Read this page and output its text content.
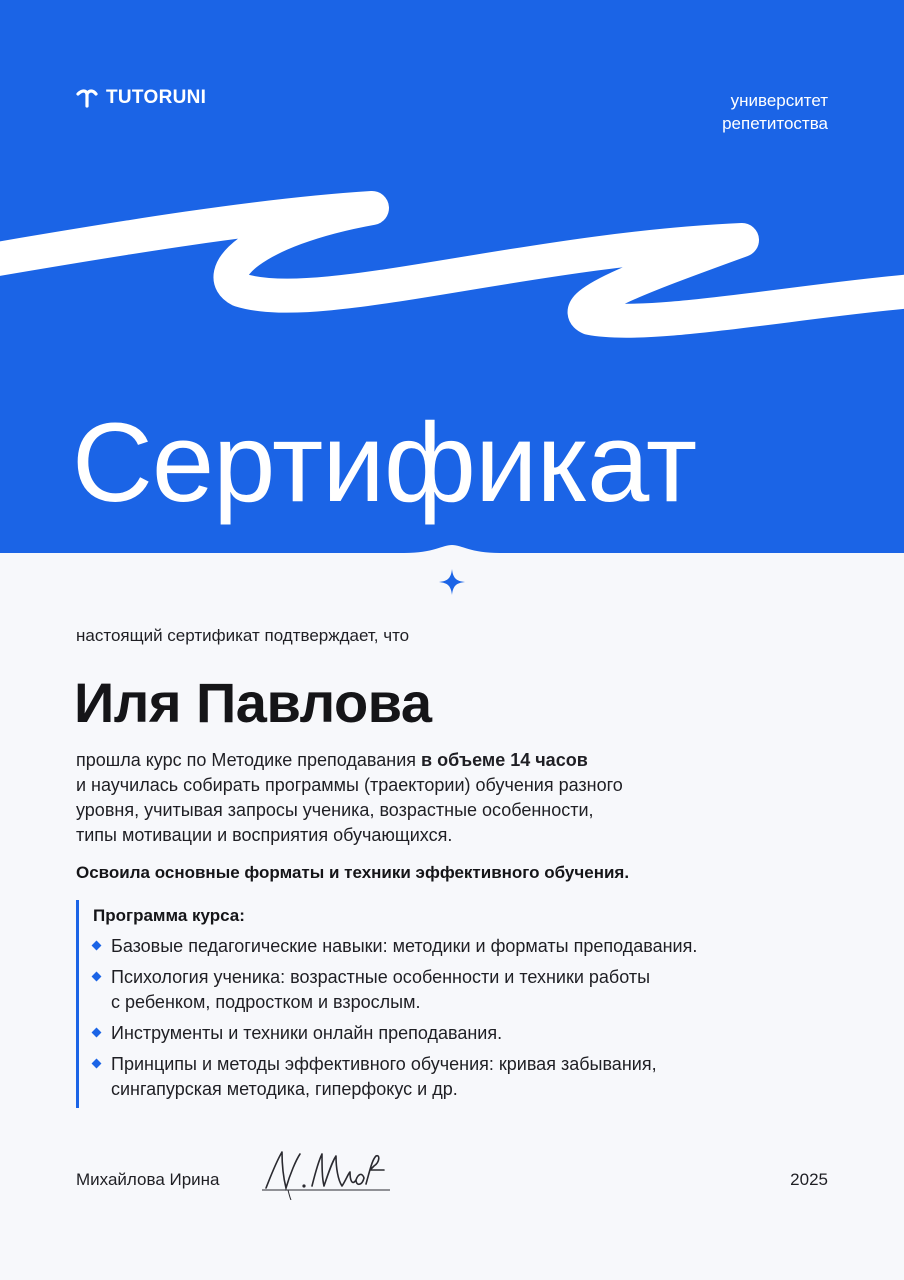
TUTORUNI	университет
репетитоства
Сертификат
настоящий сертификат подтверждает, что
Иля Павлова
прошла курс по Методике преподавания в объеме 14 часов
и научилась собирать программы (траектории) обучения разного
уровня, учитывая запросы ученика, возрастные особенности,
типы мотивации и восприятия обучающихся.
Освоила основные форматы и техники эффективного обучения.
Программа курса:
Базовые педагогические навыки: методики и форматы преподавания.
Психология ученика: возрастные особенности и техники работы
с ребенком, подростком и взрослым.
Инструменты и техники онлайн преподавания.
Принципы и методы эффективного обучения: кривая забывания,
сингапурская методика, гиперфокус и др.
Михайлова Ирина	2025
